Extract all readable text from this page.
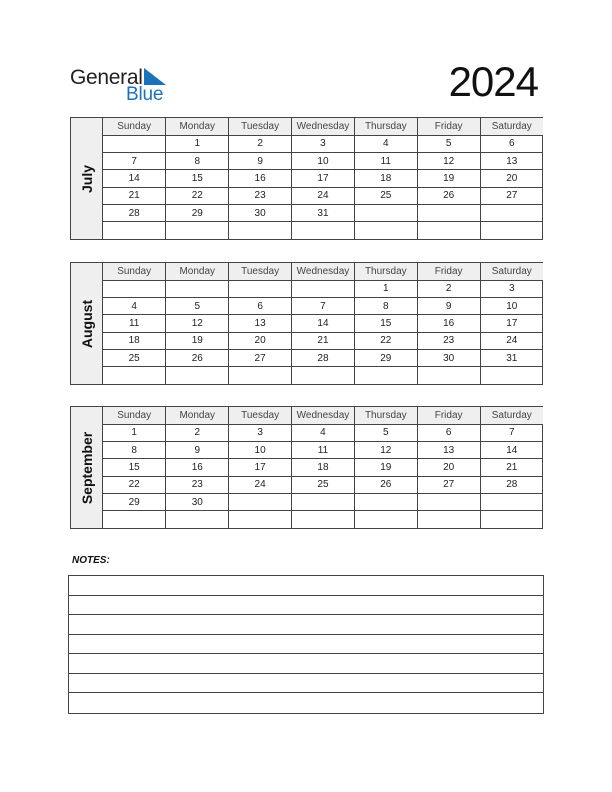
General
Blue	2024
July
Sunday	Monday	Tuesday	Wednesday	Thursday	Friday	Saturday
	1	2	3	4	5	6
7	8	9	10	11	12	13
14	15	16	17	18	19	20
21	22	23	24	25	26	27
28	29	30	31			

August
Sunday	Monday	Tuesday	Wednesday	Thursday	Friday	Saturday
				1	2	3
4	5	6	7	8	9	10
11	12	13	14	15	16	17
18	19	20	21	22	23	24
25	26	27	28	29	30	31

September
Sunday	Monday	Tuesday	Wednesday	Thursday	Friday	Saturday
1	2	3	4	5	6	7
8	9	10	11	12	13	14
15	16	17	18	19	20	21
22	23	24	25	26	27	28
29	30					

NOTES:
